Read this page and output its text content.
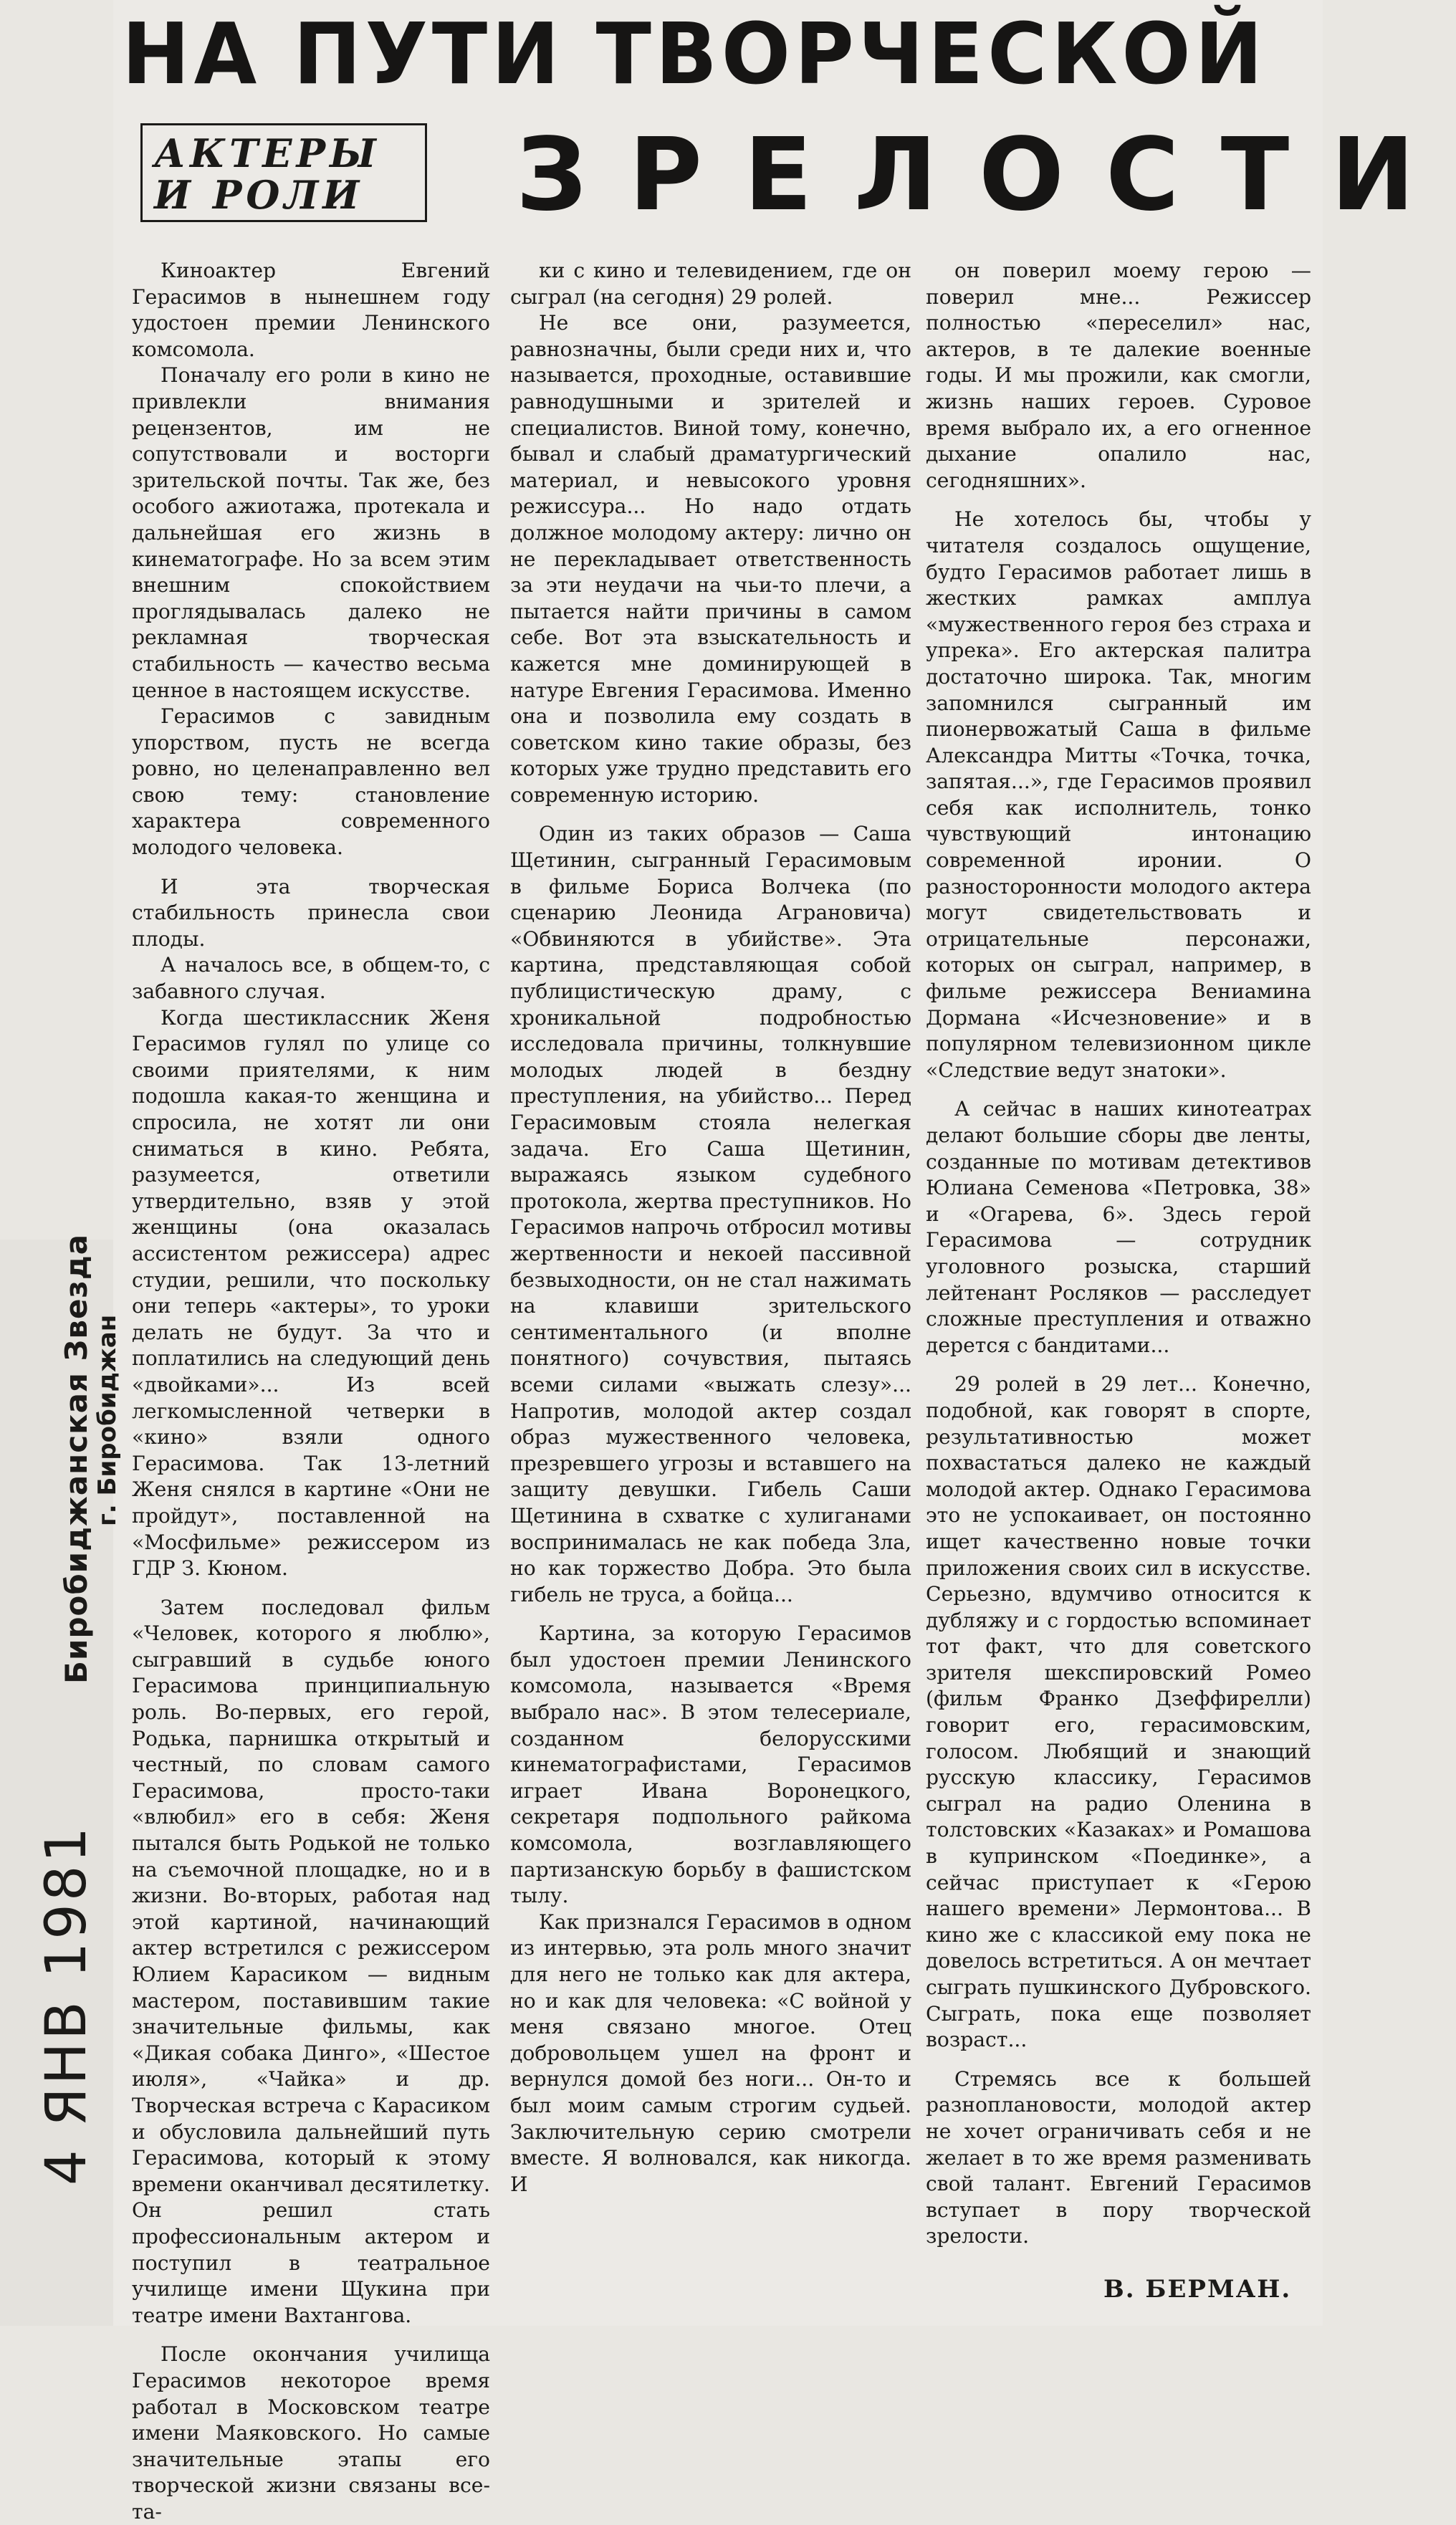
НА ПУТИ ТВОРЧЕСКОЙ
ЗРЕЛОСТИ
АКТЕРЫ
И РОЛИ

Киноактер Евгений Герасимов в нынешнем году удостоен премии Ленинского комсомола.

Поначалу его роли в кино не привлекли внимания рецензентов, им не сопутствовали и восторги зрительской почты. Так же, без особого ажиотажа, протекала и дальнейшая его жизнь в кинематографе. Но за всем этим внешним спокойствием проглядывалась далеко не рекламная творческая стабильность — качество весьма ценное в настоящем искусстве.

Герасимов с завидным упорством, пусть не всегда ровно, но целенаправленно вел свою тему: становление характера современного молодого человека.

И эта творческая стабильность принесла свои плоды.

А началось все, в общем-то, с забавного случая.

Когда шестиклассник Женя Герасимов гулял по улице со своими приятелями, к ним подошла какая-то женщина и спросила, не хотят ли они сниматься в кино. Ребята, разумеется, ответили утвердительно, взяв у этой женщины (она оказалась ассистентом режиссера) адрес студии, решили, что поскольку они теперь «актеры», то уроки делать не будут. За что и поплатились на следующий день «двойками»... Из всей легкомысленной четверки в «кино» взяли одного Герасимова. Так 13-летний Женя снялся в картине «Они не пройдут», поставленной на «Мосфильме» режиссером из ГДР З. Кюном.

Затем последовал фильм «Человек, которого я люблю», сыгравший в судьбе юного Герасимова принципиальную роль. Во-первых, его герой, Родька, парнишка открытый и честный, по словам самого Герасимова, просто-таки «влюбил» его в себя: Женя пытался быть Родькой не только на съемочной площадке, но и в жизни. Во-вторых, работая над этой картиной, начинающий актер встретился с режиссером Юлием Карасиком — видным мастером, поставившим такие значительные фильмы, как «Дикая собака Динго», «Шестое июля», «Чайка» и др. Творческая встреча с Карасиком и обусловила дальнейший путь Герасимова, который к этому времени оканчивал десятилетку. Он решил стать профессиональным актером и поступил в театральное училище имени Щукина при театре имени Вахтангова.

После окончания училища Герасимов некоторое время работал в Московском театре имени Маяковского. Но самые значительные этапы его творческой жизни связаны все-та-

ки с кино и телевидением, где он сыграл (на сегодня) 29 ролей.

Не все они, разумеется, равнозначны, были среди них и, что называется, проходные, оставившие равнодушными и зрителей и специалистов. Виной тому, конечно, бывал и слабый драматургический материал, и невысокого уровня режиссура... Но надо отдать должное молодому актеру: лично он не перекладывает ответственность за эти неудачи на чьи-то плечи, а пытается найти причины в самом себе. Вот эта взыскательность и кажется мне доминирующей в натуре Евгения Герасимова. Именно она и позволила ему создать в советском кино такие образы, без которых уже трудно представить его современную историю.

Один из таких образов — Саша Щетинин, сыгранный Герасимовым в фильме Бориса Волчека (по сценарию Леонида Аграновича) «Обвиняются в убийстве». Эта картина, представляющая собой публицистическую драму, с хроникальной подробностью исследовала причины, толкнувшие молодых людей в бездну преступления, на убийство... Перед Герасимовым стояла нелегкая задача. Его Саша Щетинин, выражаясь языком судебного протокола, жертва преступников. Но Герасимов напрочь отбросил мотивы жертвенности и некоей пассивной безвыходности, он не стал нажимать на клавиши зрительского сентиментального (и вполне понятного) сочувствия, пытаясь всеми силами «выжать слезу»... Напротив, молодой актер создал образ мужественного человека, презревшего угрозы и вставшего на защиту девушки. Гибель Саши Щетинина в схватке с хулиганами воспринималась не как победа Зла, но как торжество Добра. Это была гибель не труса, а бойца...

Картина, за которую Герасимов был удостоен премии Ленинского комсомола, называется «Время выбрало нас». В этом телесериале, созданном белорусскими кинематографистами, Герасимов играет Ивана Воронецкого, секретаря подпольного райкома комсомола, возглавляющего партизанскую борьбу в фашистском тылу.

Как признался Герасимов в одном из интервью, эта роль много значит для него не только как для актера, но и как для человека: «С войной у меня связано многое. Отец добровольцем ушел на фронт и вернулся домой без ноги... Он-то и был моим самым строгим судьей. Заключительную серию смотрели вместе. Я волновался, как никогда. И

он поверил моему герою — поверил мне... Режиссер полностью «переселил» нас, актеров, в те далекие военные годы. И мы прожили, как смогли, жизнь наших героев. Суровое время выбрало их, а его огненное дыхание опалило нас, сегодняшних».

Не хотелось бы, чтобы у читателя создалось ощущение, будто Герасимов работает лишь в жестких рамках амплуа «мужественного героя без страха и упрека». Его актерская палитра достаточно широка. Так, многим запомнился сыгранный им пионервожатый Саша в фильме Александра Митты «Точка, точка, запятая...», где Герасимов проявил себя как исполнитель, тонко чувствующий интонацию современной иронии. О разносторонности молодого актера могут свидетельствовать и отрицательные персонажи, которых он сыграл, например, в фильме режиссера Вениамина Дормана «Исчезновение» и в популярном телевизионном цикле «Следствие ведут знатоки».

А сейчас в наших кинотеатрах делают большие сборы две ленты, созданные по мотивам детективов Юлиана Семенова «Петровка, 38» и «Огарева, 6». Здесь герой Герасимова — сотрудник уголовного розыска, старший лейтенант Росляков — расследует сложные преступления и отважно дерется с бандитами...

29 ролей в 29 лет... Конечно, подобной, как говорят в спорте, результативностью может похвастаться далеко не каждый молодой актер. Однако Герасимова это не успокаивает, он постоянно ищет качественно новые точки приложения своих сил в искусстве. Серьезно, вдумчиво относится к дубляжу и с гордостью вспоминает тот факт, что для советского зрителя шекспировский Ромео (фильм Франко Дзеффирелли) говорит его, герасимовским, голосом. Любящий и знающий русскую классику, Герасимов сыграл на радио Оленина в толстовских «Казаках» и Ромашова в купринском «Поединке», а сейчас приступает к «Герою нашего времени» Лермонтова... В кино же с классикой ему пока не довелось встретиться. А он мечтает сыграть пушкинского Дубровского. Сыграть, пока еще позволяет возраст...

Стремясь все к большей разноплановости, молодой актер не хочет ограничивать себя и не желает в то же время разменивать свой талант. Евгений Герасимов вступает в пору творческой зрелости.

В. БЕРМАН.
Биробиджанская Звезда г. Биробиджан
4 ЯНВ 1981
